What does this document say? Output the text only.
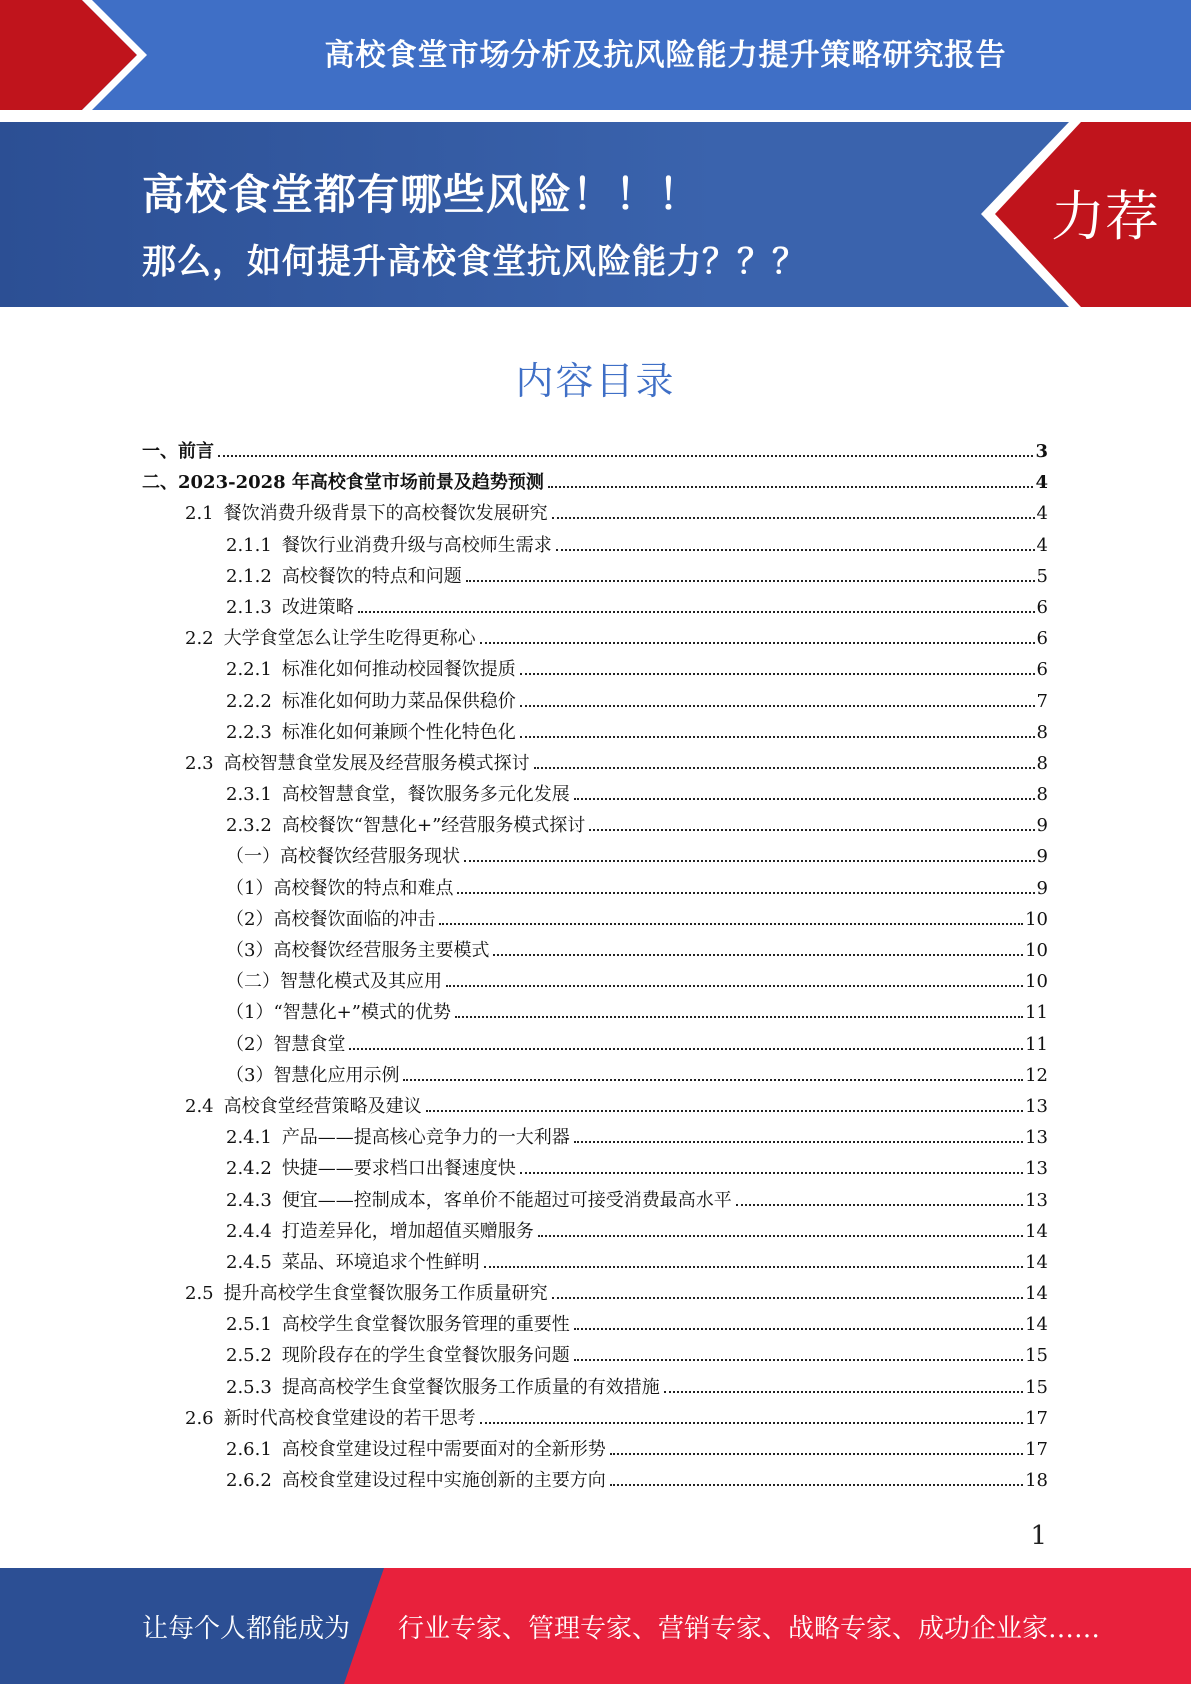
高校食堂市场分析及抗风险能力提升策略研究报告
高校食堂都有哪些风险！！！
那么，如何提升高校食堂抗风险能力？？？
力荐
内容目录
一、前言	3
二、2023-2028 年高校食堂市场前景及趋势预测	4
2.1 餐饮消费升级背景下的高校餐饮发展研究	4
2.1.1 餐饮行业消费升级与高校师生需求	4
2.1.2 高校餐饮的特点和问题	5
2.1.3 改进策略	6
2.2 大学食堂怎么让学生吃得更称心	6
2.2.1 标准化如何推动校园餐饮提质	6
2.2.2 标准化如何助力菜品保供稳价	7
2.2.3 标准化如何兼顾个性化特色化	8
2.3 高校智慧食堂发展及经营服务模式探讨	8
2.3.1 高校智慧食堂，餐饮服务多元化发展	8
2.3.2 高校餐饮“智慧化+”经营服务模式探讨	9
（一）高校餐饮经营服务现状	9
（1）高校餐饮的特点和难点	9
（2）高校餐饮面临的冲击	10
（3）高校餐饮经营服务主要模式	10
（二）智慧化模式及其应用	10
（1）“智慧化+”模式的优势	11
（2）智慧食堂	11
（3）智慧化应用示例	12
2.4 高校食堂经营策略及建议	13
2.4.1 产品——提高核心竞争力的一大利器	13
2.4.2 快捷——要求档口出餐速度快	13
2.4.3 便宜——控制成本，客单价不能超过可接受消费最高水平	13
2.4.4 打造差异化，增加超值买赠服务	14
2.4.5 菜品、环境追求个性鲜明	14
2.5 提升高校学生食堂餐饮服务工作质量研究	14
2.5.1 高校学生食堂餐饮服务管理的重要性	14
2.5.2 现阶段存在的学生食堂餐饮服务问题	15
2.5.3 提高高校学生食堂餐饮服务工作质量的有效措施	15
2.6 新时代高校食堂建设的若干思考	17
2.6.1 高校食堂建设过程中需要面对的全新形势	17
2.6.2 高校食堂建设过程中实施创新的主要方向	18
1
让每个人都能成为 行业专家、管理专家、营销专家、战略专家、成功企业家……
